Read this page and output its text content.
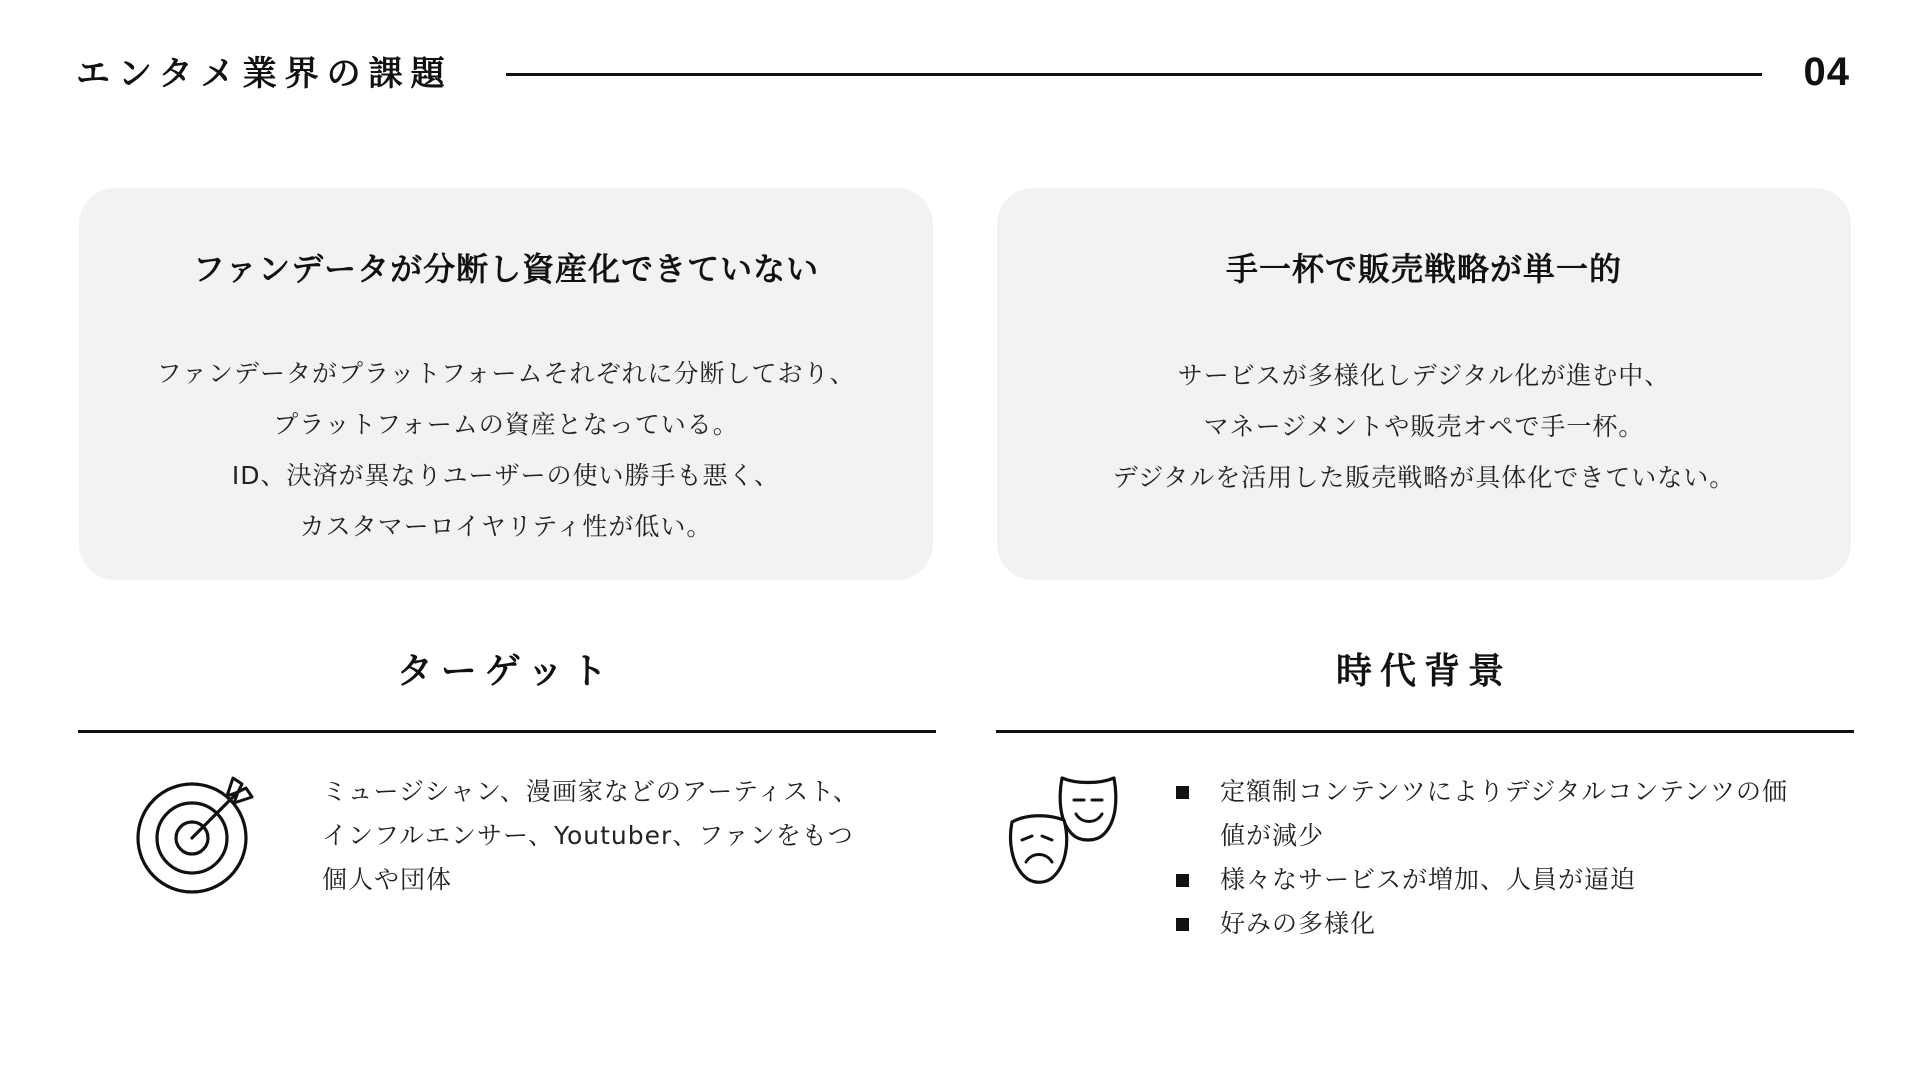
エンタメ業界の課題	04
ファンデータが分断し資産化できていない
ファンデータがプラットフォームそれぞれに分断しており、
プラットフォームの資産となっている。
ID、決済が異なりユーザーの使い勝手も悪く、
カスタマーロイヤリティ性が低い。
手一杯で販売戦略が単一的
サービスが多様化しデジタル化が進む中、
マネージメントや販売オペで手一杯。
デジタルを活用した販売戦略が具体化できていない。
ターゲット	時代背景
ミュージシャン、漫画家などのアーティスト、
インフルエンサー、Youtuber、ファンをもつ
個人や団体
定額制コンテンツによりデジタルコンテンツの価
値が減少
様々なサービスが増加、人員が逼迫
好みの多様化
